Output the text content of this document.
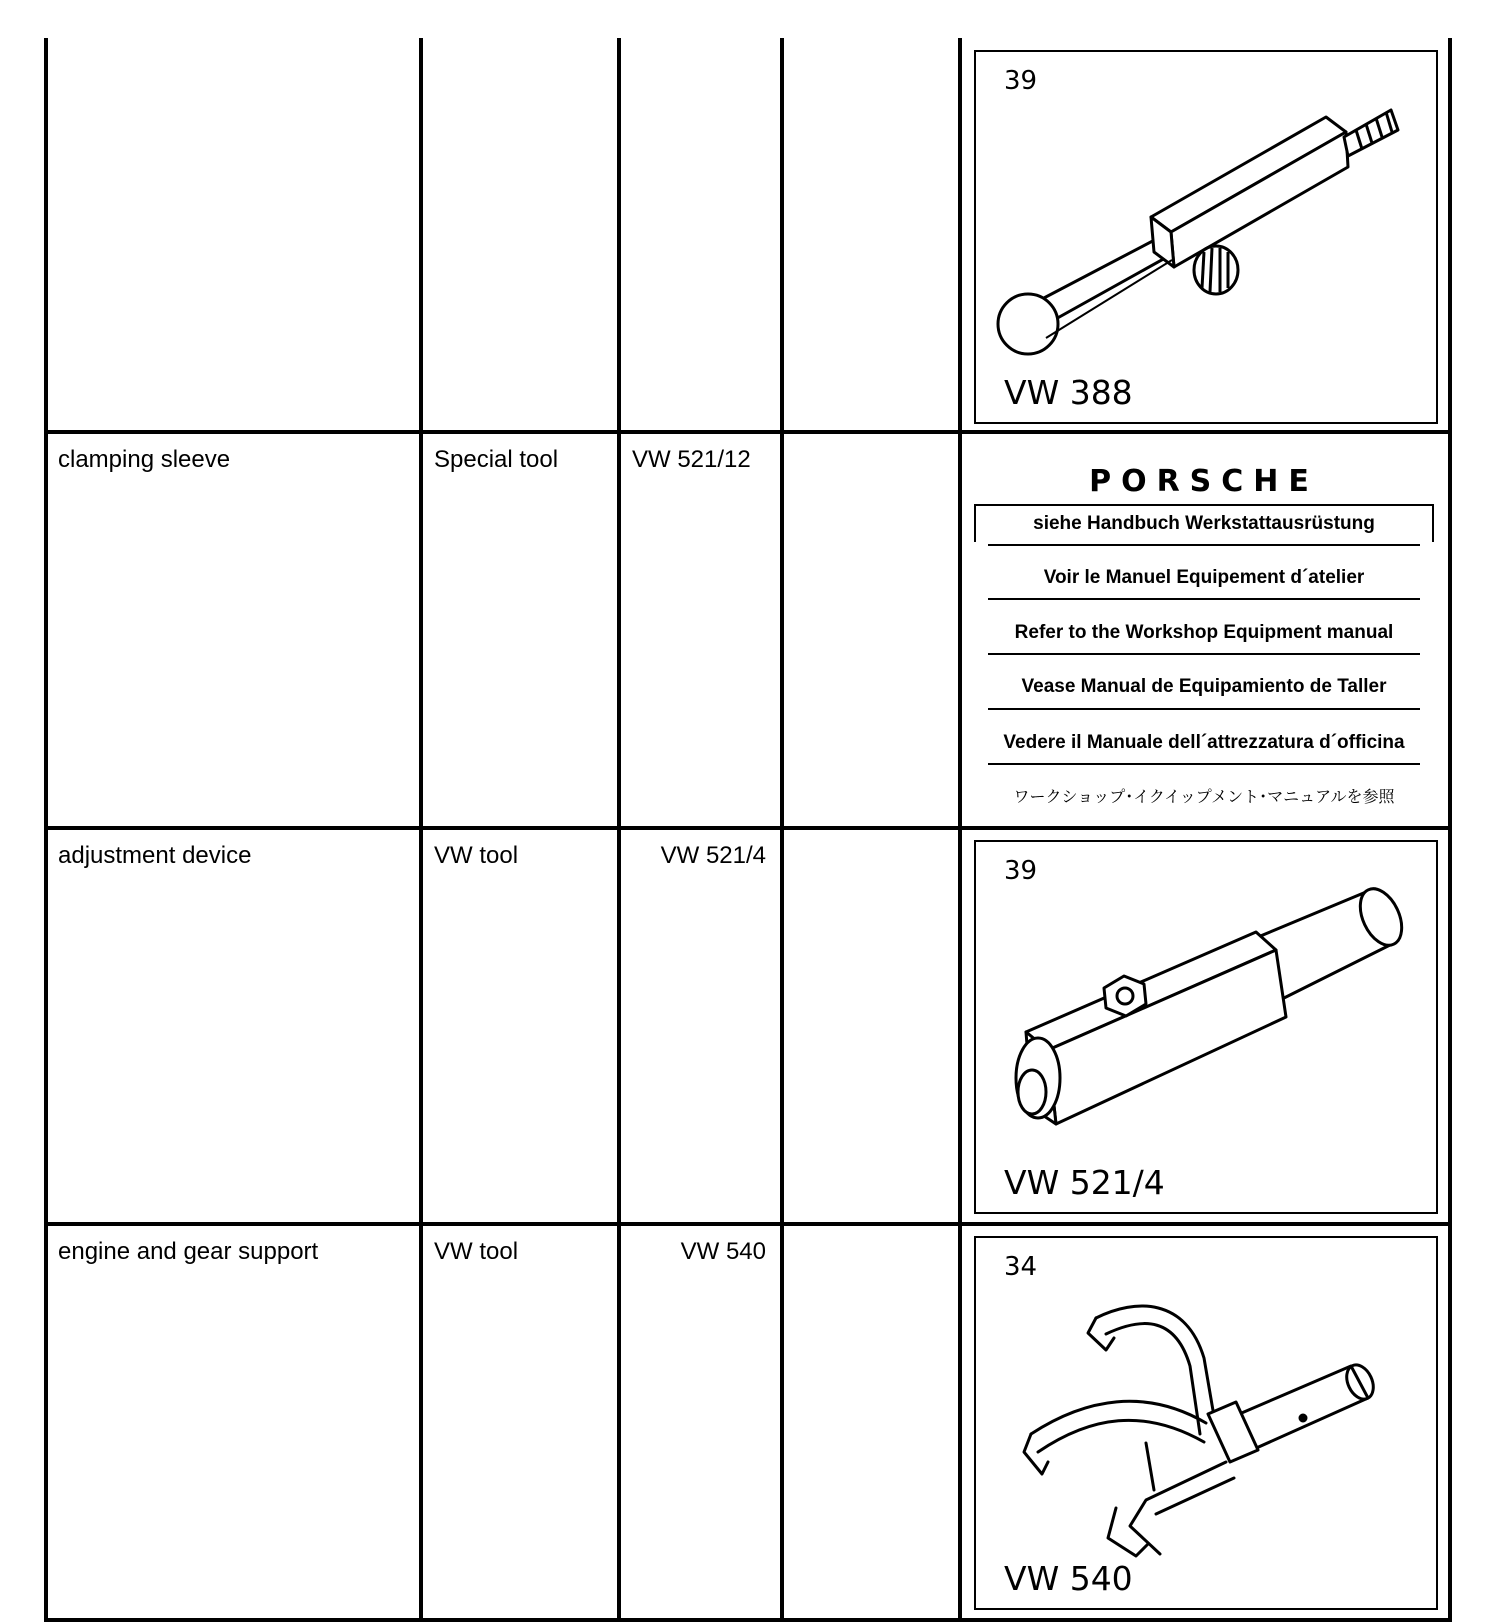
39
VW 388
clamping sleeve	Special tool	VW 521/12
PORSCHE
siehe Handbuch Werkstattausrüstung
Voir le Manuel Equipement d´atelier
Refer to the Workshop Equipment manual
Vease Manual de Equipamiento de Taller
Vedere il Manuale dell´attrezzatura d´officina
ワークショップ･イクイップメント･マニュアルを参照
adjustment device	VW tool	VW 521/4
39
VW 521/4
engine and gear support	VW tool	VW 540
34
VW 540
